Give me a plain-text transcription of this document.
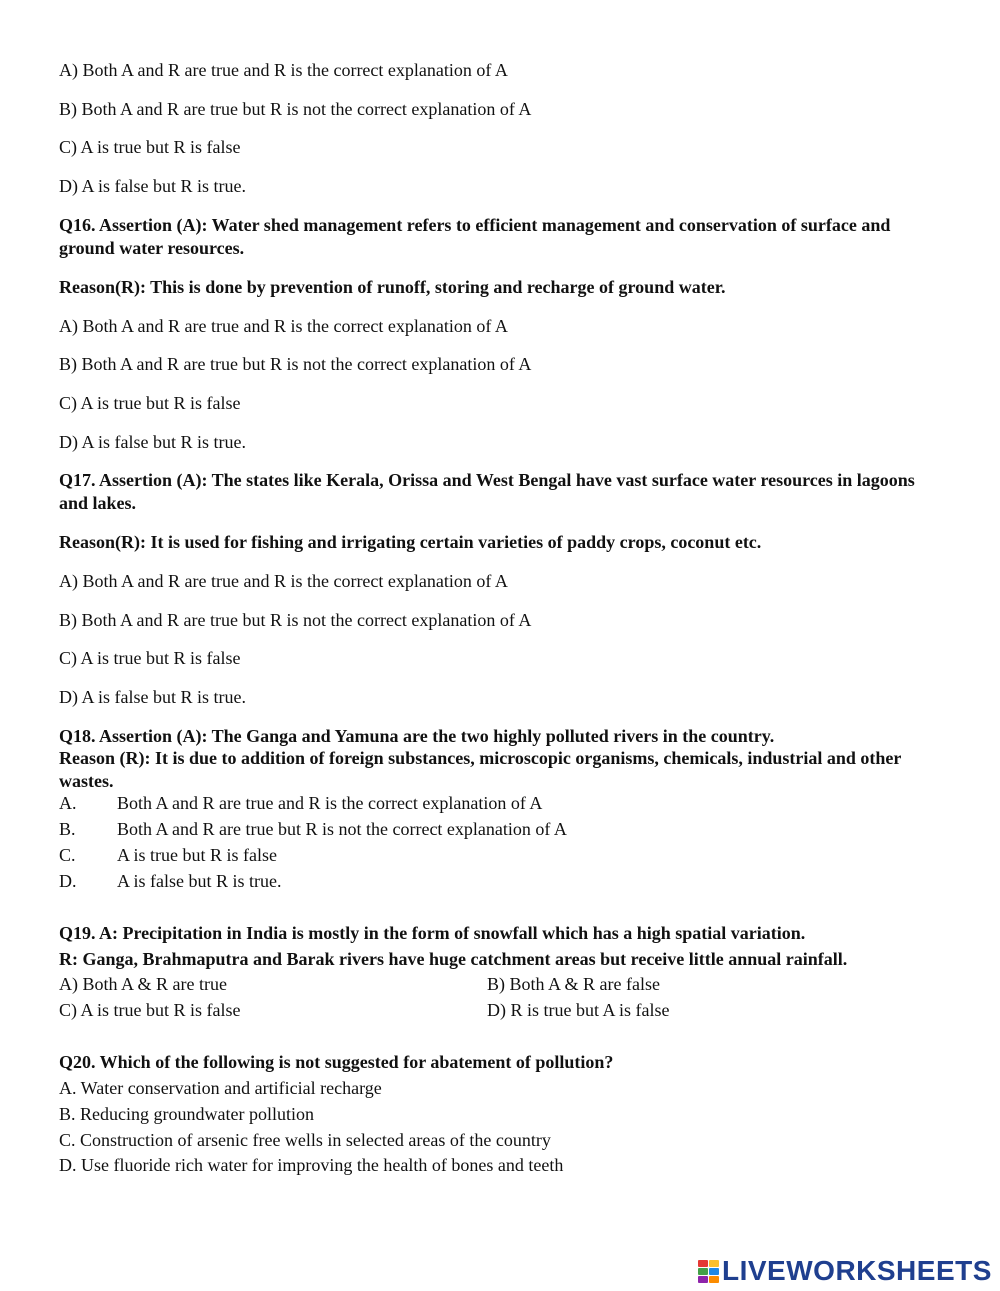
A) Both A and R are true and R is the correct explanation of A
B) Both A and R are true but R is not the correct explanation of A
C) A is true but R is false
D) A is false but R is true.
Q16. Assertion (A): Water shed management refers to efficient management and conservation of surface and ground water resources.
Reason(R): This is done by prevention of runoff, storing and recharge of ground water.
A) Both A and R are true and R is the correct explanation of A
B) Both A and R are true but R is not the correct explanation of A
C) A is true but R is false
D) A is false but R is true.
Q17. Assertion (A): The states like Kerala, Orissa and West Bengal have vast surface water resources in lagoons and lakes.
Reason(R): It is used for fishing and irrigating certain varieties of paddy crops, coconut etc.
A) Both A and R are true and R is the correct explanation of A
B) Both A and R are true but R is not the correct explanation of A
C) A is true but R is false
D) A is false but R is true.
Q18. Assertion (A): The Ganga and Yamuna are the two highly polluted rivers in the country.
Reason (R): It is due to addition of foreign substances, microscopic organisms, chemicals, industrial and other wastes.
A. Both A and R are true and R is the correct explanation of A
B. Both A and R are true but R is not the correct explanation of A
C. A is true but R is false
D. A is false but R is true.
Q19. A: Precipitation in India is mostly in the form of snowfall which has a high spatial variation.
R: Ganga, Brahmaputra and Barak rivers have huge catchment areas but receive little annual rainfall.
A) Both A & R are true	B) Both A & R are false
C) A is true but R is false	D) R is true but A is false
Q20. Which of the following is not suggested for abatement of pollution?
A. Water conservation and artificial recharge
B. Reducing groundwater pollution
C. Construction of arsenic free wells in selected areas of the country
D. Use fluoride rich water for improving the health of bones and teeth
LIVEWORKSHEETS
